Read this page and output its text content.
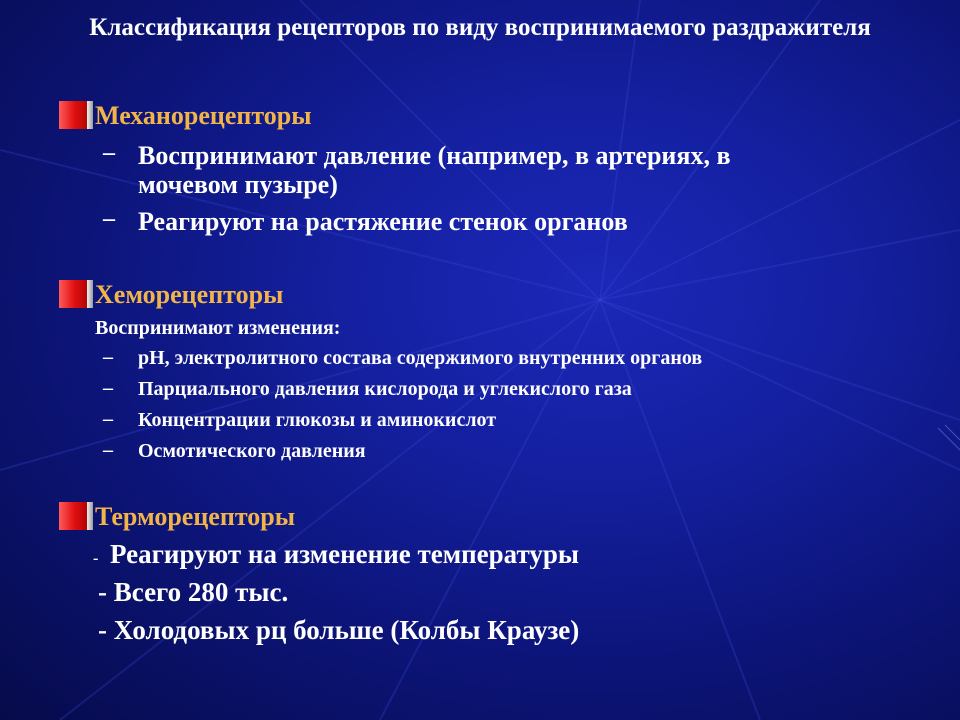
Классификация рецепторов по виду воспринимаемого раздражителя
Механорецепторы
– Воспринимают давление (например, в артериях, в
мочевом пузыре)
– Реагируют на растяжение стенок органов
Хеморецепторы
Воспринимают изменения:
– pH, электролитного состава содержимого внутренних органов
– Парциального давления кислорода и углекислого газа
– Концентрации глюкозы и аминокислот
– Осмотического давления
Терморецепторы
- Реагируют на изменение температуры
- Всего 280 тыс.
- Холодовых рц больше (Колбы Краузе)
